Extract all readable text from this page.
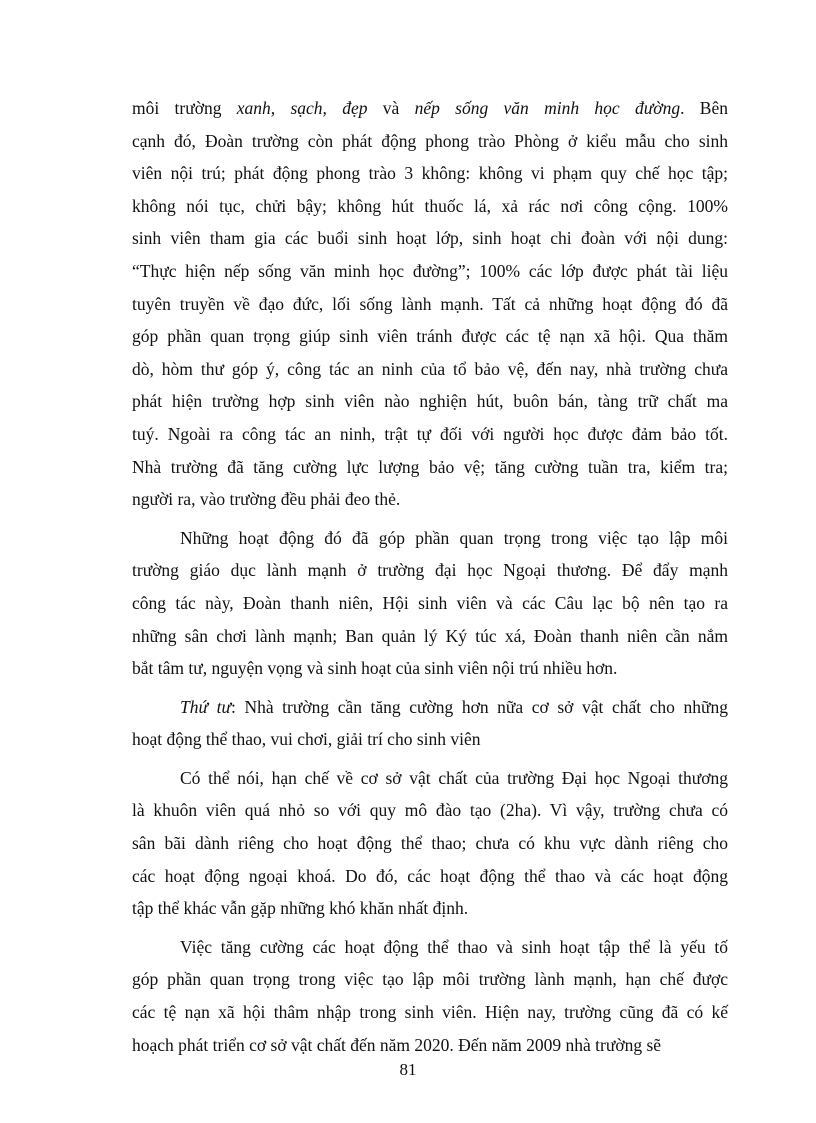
môi trường xanh, sạch, đẹp và nếp sống văn minh học đường. Bên
cạnh đó, Đoàn trường còn phát động phong trào Phòng ở kiểu mẫu cho sinh
viên nội trú; phát động phong trào 3 không: không vi phạm quy chế học tập;
không nói tục, chửi bậy; không hút thuốc lá, xả rác nơi công cộng. 100%
sinh viên tham gia các buổi sinh hoạt lớp, sinh hoạt chi đoàn với nội dung:
“Thực hiện nếp sống văn minh học đường”; 100% các lớp được phát tài liệu
tuyên truyền về đạo đức, lối sống lành mạnh. Tất cả những hoạt động đó đã
góp phần quan trọng giúp sinh viên tránh được các tệ nạn xã hội. Qua thăm
dò, hòm thư góp ý, công tác an ninh của tổ bảo vệ, đến nay, nhà trường chưa
phát hiện trường hợp sinh viên nào nghiện hút, buôn bán, tàng trữ chất ma
tuý. Ngoài ra công tác an ninh, trật tự đối với người học được đảm bảo tốt.
Nhà trường đã tăng cường lực lượng bảo vệ; tăng cường tuần tra, kiểm tra;
người ra, vào trường đều phải đeo thẻ.
Những hoạt động đó đã góp phần quan trọng trong việc tạo lập môi
trường giáo dục lành mạnh ở trường đại học Ngoại thương. Để đẩy mạnh
công tác này, Đoàn thanh niên, Hội sinh viên và các Câu lạc bộ nên tạo ra
những sân chơi lành mạnh; Ban quản lý Ký túc xá, Đoàn thanh niên cần nắm
bắt tâm tư, nguyện vọng và sinh hoạt của sinh viên nội trú nhiều hơn.
Thứ tư: Nhà trường cần tăng cường hơn nữa cơ sở vật chất cho những
hoạt động thể thao, vui chơi, giải trí cho sinh viên
Có thể nói, hạn chế về cơ sở vật chất của trường Đại học Ngoại thương
là khuôn viên quá nhỏ so với quy mô đào tạo (2ha). Vì vậy, trường chưa có
sân bãi dành riêng cho hoạt động thể thao; chưa có khu vực dành riêng cho
các hoạt động ngoại khoá. Do đó, các hoạt động thể thao và các hoạt động
tập thể khác vẫn gặp những khó khăn nhất định.
Việc tăng cường các hoạt động thể thao và sinh hoạt tập thể là yếu tố
góp phần quan trọng trong việc tạo lập môi trường lành mạnh, hạn chế được
các tệ nạn xã hội thâm nhập trong sinh viên. Hiện nay, trường cũng đã có kế
hoạch phát triển cơ sở vật chất đến năm 2020. Đến năm 2009 nhà trường sẽ
81
